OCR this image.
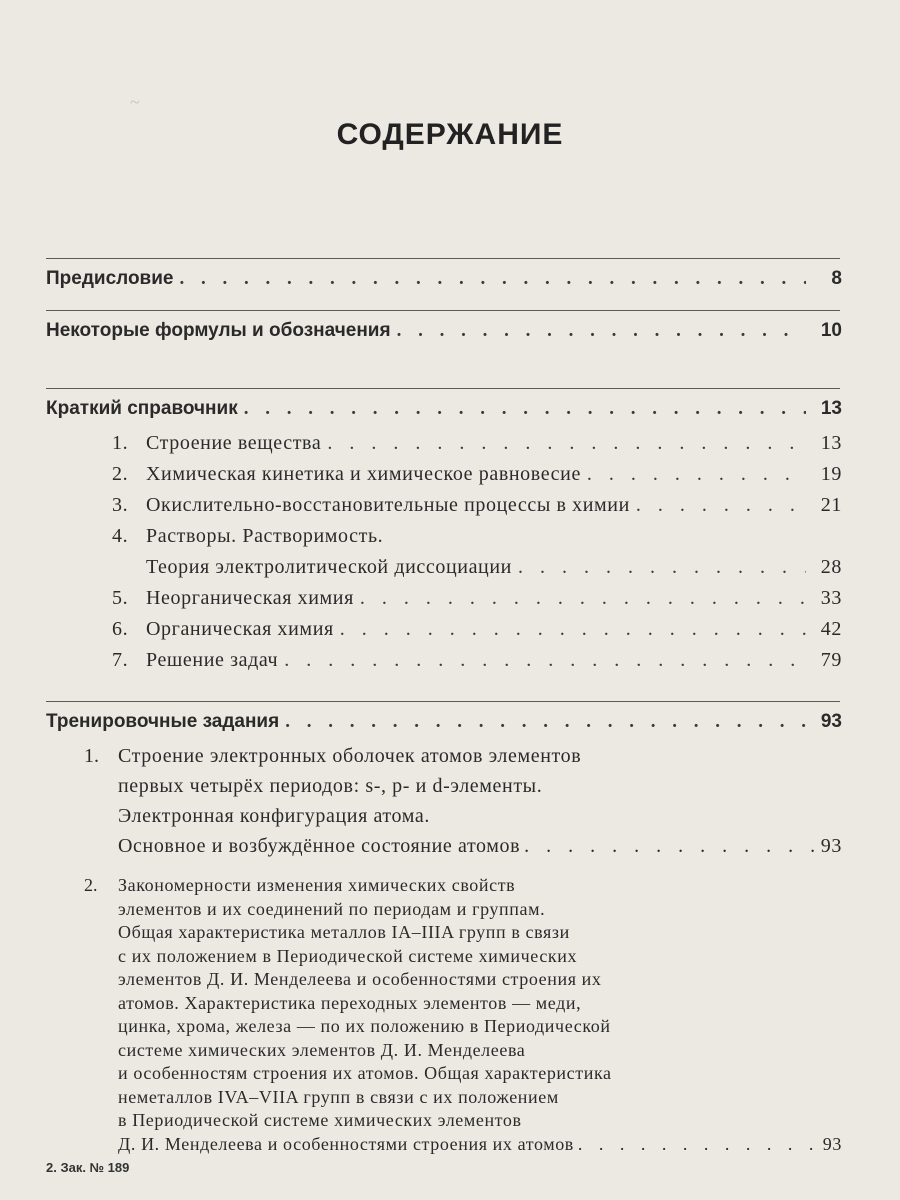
~
СОДЕРЖАНИЕ
Предисловие . . .	8
Некоторые формулы и обозначения . . .	10
Краткий справочник . . .	13
1. Строение вещества . . .	13
2. Химическая кинетика и химическое равновесие . . .	19
3. Окислительно-восстановительные процессы в химии . . .	21
4. Растворы. Растворимость.
Теория электролитической диссоциации . . .	28
5. Неорганическая химия . . .	33
6. Органическая химия . . .	42
7. Решение задач . . .	79
Тренировочные задания . . .	93
1. Строение электронных оболочек атомов элементов
первых четырёх периодов: s-, p- и d-элементы.
Электронная конфигурация атома.
Основное и возбуждённое состояние атомов . . .	93
2. Закономерности изменения химических свойств
элементов и их соединений по периодам и группам.
Общая характеристика металлов IA–IIIA групп в связи
с их положением в Периодической системе химических
элементов Д. И. Менделеева и особенностями строения их
атомов. Характеристика переходных элементов — меди,
цинка, хрома, железа — по их положению в Периодической
системе химических элементов Д. И. Менделеева
и особенностям строения их атомов. Общая характеристика
неметаллов IVA–VIIA групп в связи с их положением
в Периодической системе химических элементов
2. Зак. № 189
Д. И. Менделеева и особенностями строения их атомов . . .	93
